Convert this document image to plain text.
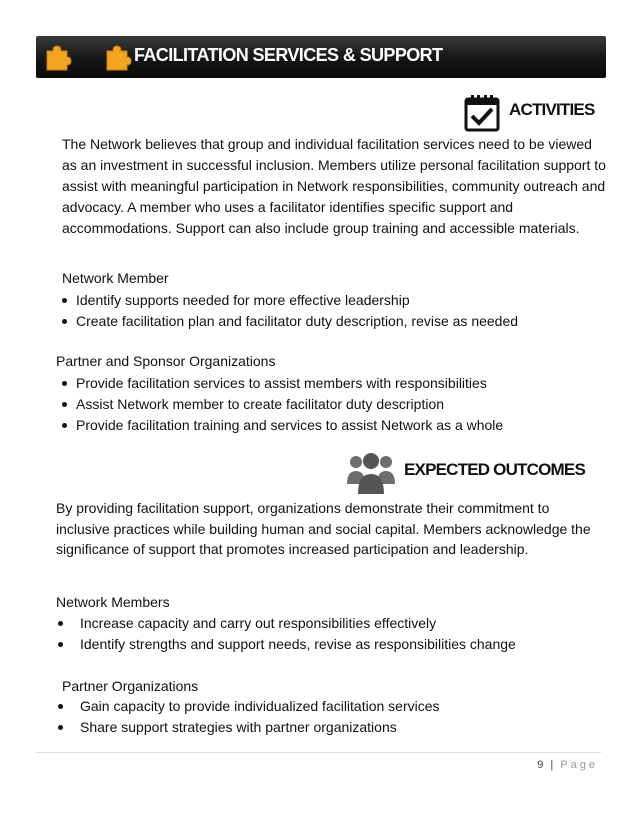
FACILITATION SERVICES & SUPPORT
ACTIVITIES

The Network believes that group and individual facilitation services need to be viewed as an investment in successful inclusion. Members utilize personal facilitation support to assist with meaningful participation in Network responsibilities, community outreach and advocacy. A member who uses a facilitator identifies specific support and accommodations. Support can also include group training and accessible materials.

Network Member
Identify supports needed for more effective leadership
Create facilitation plan and facilitator duty description, revise as needed
Partner and Sponsor Organizations
Provide facilitation services to assist members with responsibilities
Assist Network member to create facilitator duty description
Provide facilitation training and services to assist Network as a whole
EXPECTED OUTCOMES

By providing facilitation support, organizations demonstrate their commitment to inclusive practices while building human and social capital. Members acknowledge the significance of support that promotes increased participation and leadership.

Network Members
Increase capacity and carry out responsibilities effectively
Identify strengths and support needs, revise as responsibilities change
Partner Organizations
Gain capacity to provide individualized facilitation services
Share support strategies with partner organizations
9 | Page
